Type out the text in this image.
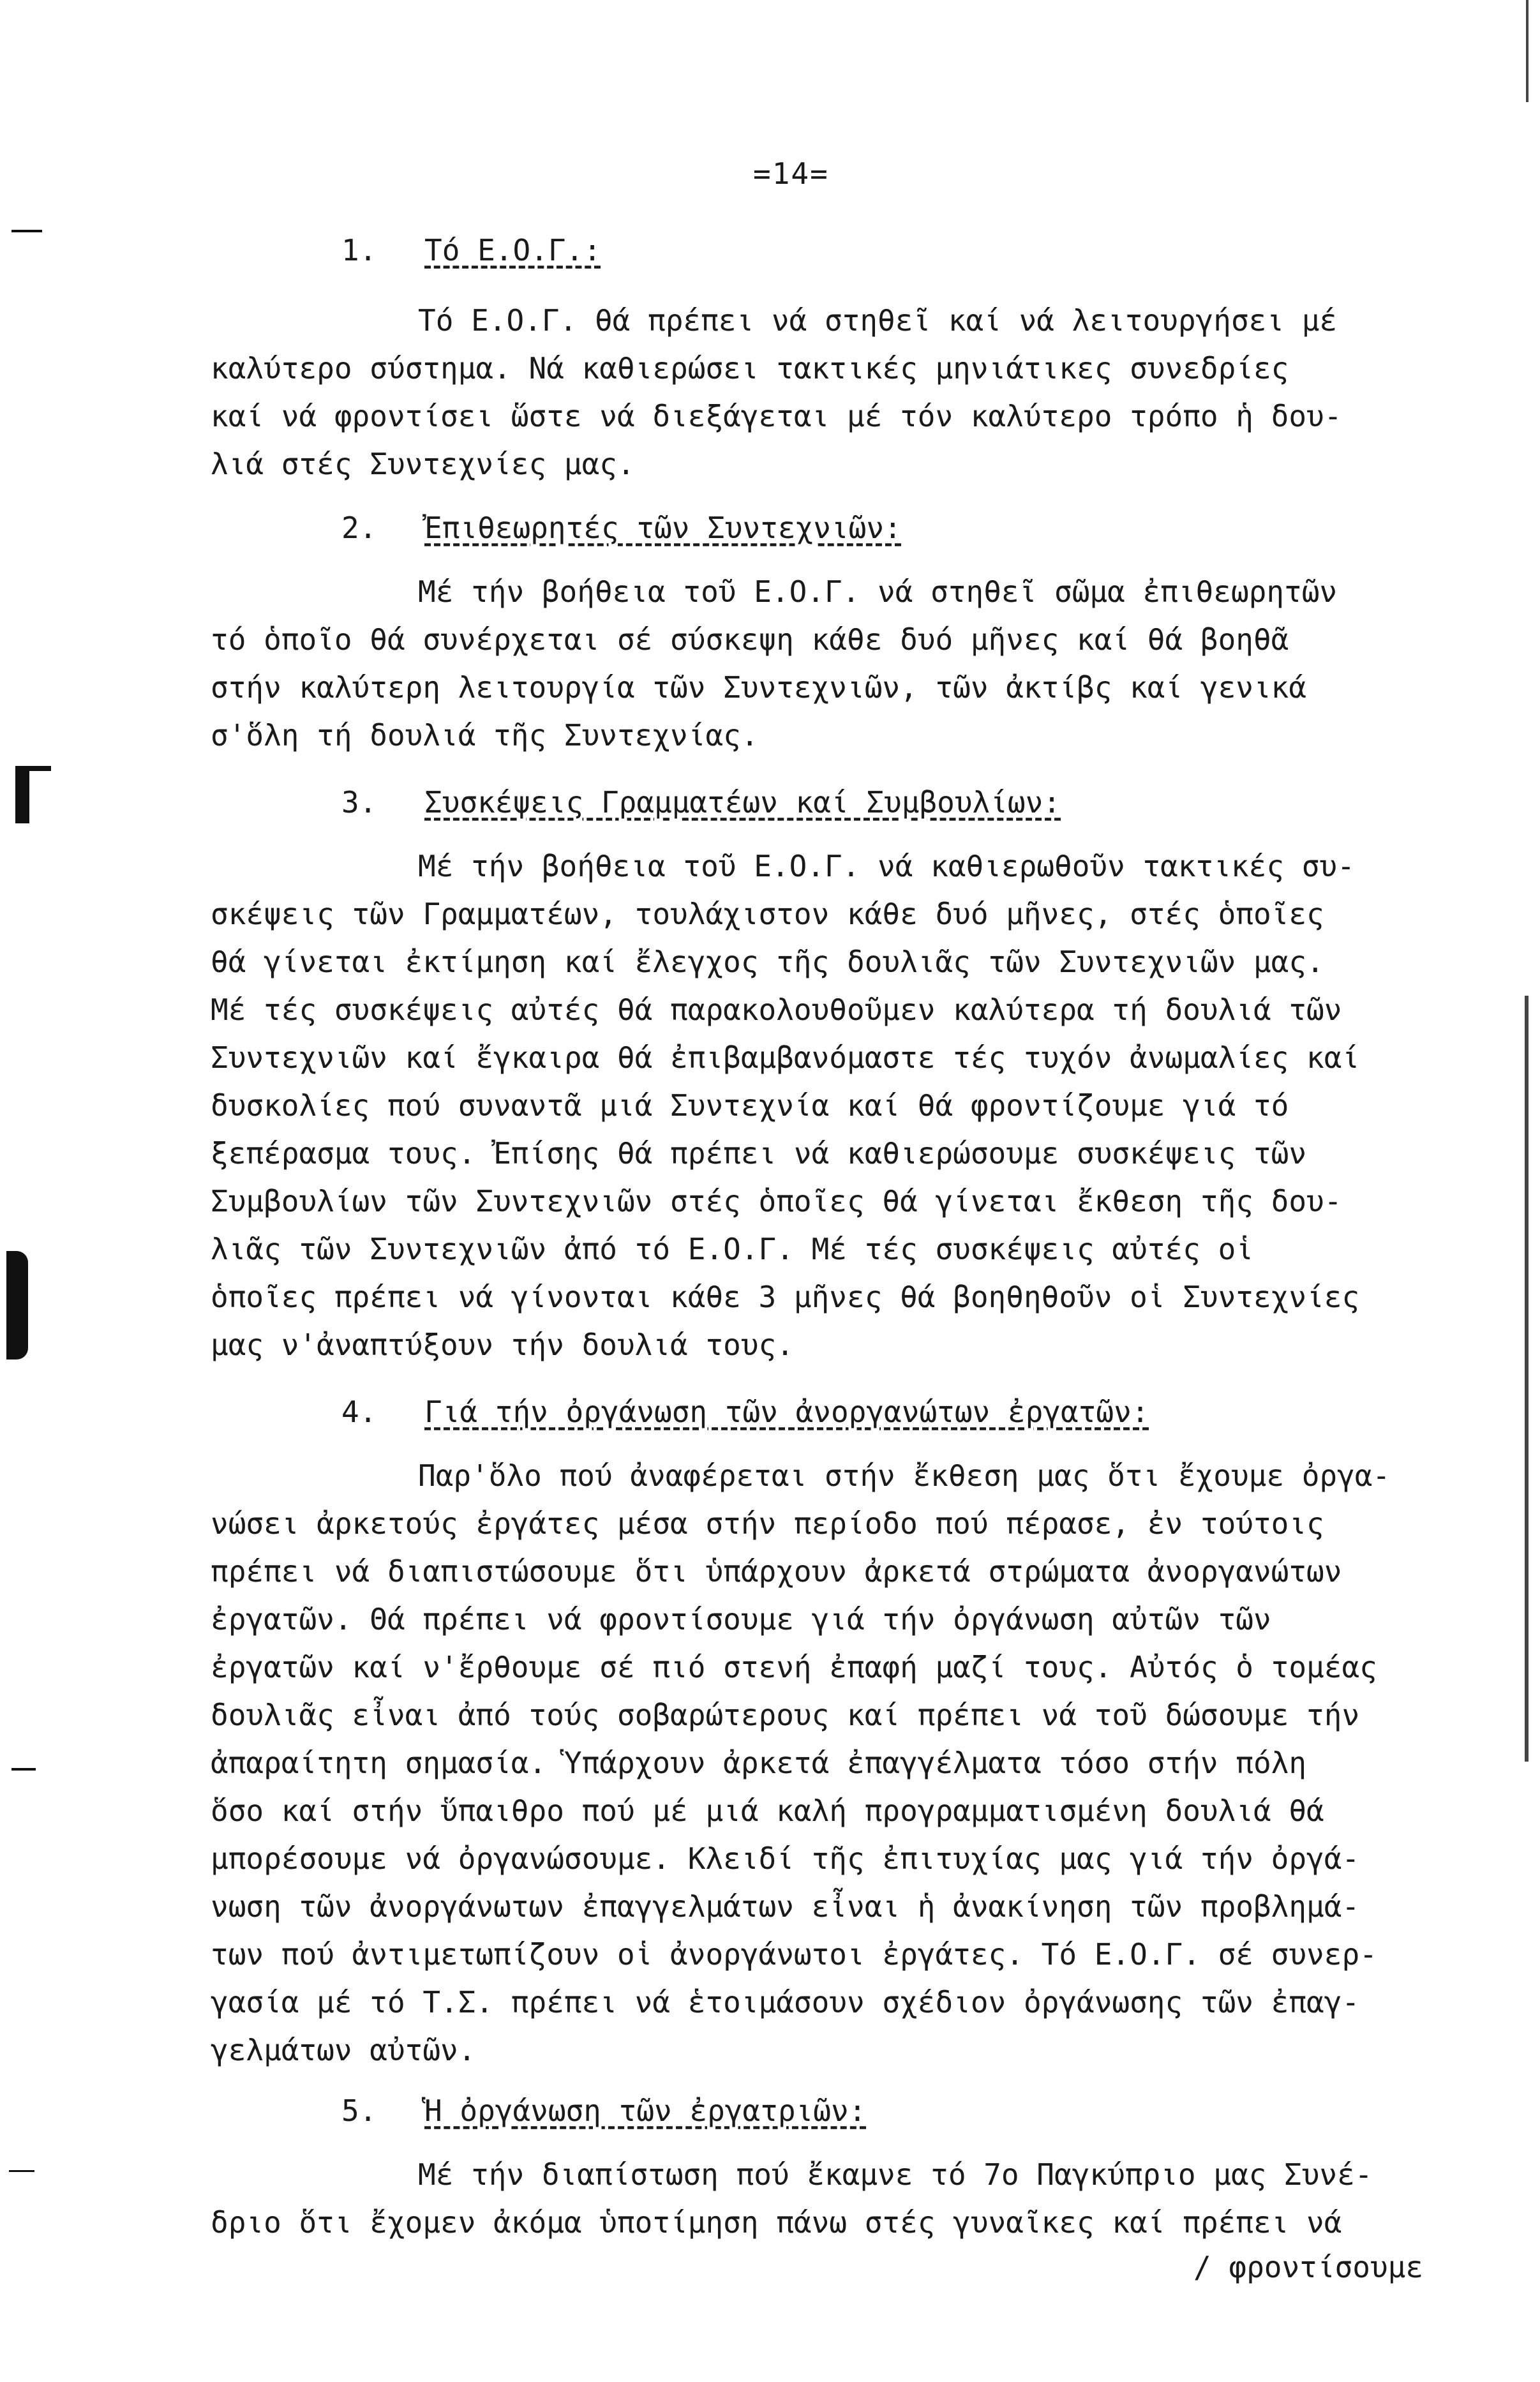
=14=
1. Τό Ε.Ο.Γ.:
Τό Ε.Ο.Γ. θά πρέπει νά στηθεῖ καί νά λειτουργήσει μέ
καλύτερο σύστημα. Νά καθιερώσει τακτικές μηνιάτικες συνεδρίες
καί νά φροντίσει ὥστε νά διεξάγεται μέ τόν καλύτερο τρόπο ἡ δου-
λιά στές Συντεχνίες μας.
2. Ἐπιθεωρητές τῶν Συντεχνιῶν:
Μέ τήν βοήθεια τοῦ Ε.Ο.Γ. νά στηθεῖ σῶμα ἐπιθεωρητῶν
τό ὁποῖο θά συνέρχεται σέ σύσκεψη κάθε δυό μῆνες καί θά βοηθᾶ
στήν καλύτερη λειτουργία τῶν Συντεχνιῶν, τῶν ἀκτίβς καί γενικά
σ'ὅλη τή δουλιά τῆς Συντεχνίας.
3. Συσκέψεις Γραμματέων καί Συμβουλίων:
Μέ τήν βοήθεια τοῦ Ε.Ο.Γ. νά καθιερωθοῦν τακτικές συ-
σκέψεις τῶν Γραμματέων, τουλάχιστον κάθε δυό μῆνες, στές ὁποῖες
θά γίνεται ἐκτίμηση καί ἔλεγχος τῆς δουλιᾶς τῶν Συντεχνιῶν μας.
Μέ τές συσκέψεις αὐτές θά παρακολουθοῦμεν καλύτερα τή δουλιά τῶν
Συντεχνιῶν καί ἔγκαιρα θά ἐπιβαμβανόμαστε τές τυχόν ἀνωμαλίες καί
δυσκολίες πού συναντᾶ μιά Συντεχνία καί θά φροντίζουμε γιά τό
ξεπέρασμα τους. Ἐπίσης θά πρέπει νά καθιερώσουμε συσκέψεις τῶν
Συμβουλίων τῶν Συντεχνιῶν στές ὁποῖες θά γίνεται ἔκθεση τῆς δου-
λιᾶς τῶν Συντεχνιῶν ἀπό τό Ε.Ο.Γ. Μέ τές συσκέψεις αὐτές οἱ
ὁποῖες πρέπει νά γίνονται κάθε 3 μῆνες θά βοηθηθοῦν οἱ Συντεχνίες
μας ν'ἀναπτύξουν τήν δουλιά τους.
4. Γιά τήν ὀργάνωση τῶν ἀνοργανώτων ἐργατῶν:
Παρ'ὅλο πού ἀναφέρεται στήν ἔκθεση μας ὅτι ἔχουμε ὀργα-
νώσει ἀρκετούς ἐργάτες μέσα στήν περίοδο πού πέρασε, ἐν τούτοις
πρέπει νά διαπιστώσουμε ὅτι ὑπάρχουν ἀρκετά στρώματα ἀνοργανώτων
ἐργατῶν. Θά πρέπει νά φροντίσουμε γιά τήν ὀργάνωση αὐτῶν τῶν
ἐργατῶν καί ν'ἔρθουμε σέ πιό στενή ἐπαφή μαζί τους. Αὐτός ὁ τομέας
δουλιᾶς εἶναι ἀπό τούς σοβαρώτερους καί πρέπει νά τοῦ δώσουμε τήν
ἀπαραίτητη σημασία. Ὑπάρχουν ἀρκετά ἐπαγγέλματα τόσο στήν πόλη
ὅσο καί στήν ὕπαιθρο πού μέ μιά καλή προγραμματισμένη δουλιά θά
μπορέσουμε νά ὀργανώσουμε. Κλειδί τῆς ἐπιτυχίας μας γιά τήν ὀργά-
νωση τῶν ἀνοργάνωτων ἐπαγγελμάτων εἶναι ἡ ἀνακίνηση τῶν προβλημά-
των πού ἀντιμετωπίζουν οἱ ἀνοργάνωτοι ἐργάτες. Τό Ε.Ο.Γ. σέ συνερ-
γασία μέ τό Τ.Σ. πρέπει νά ἑτοιμάσουν σχέδιον ὀργάνωσης τῶν ἐπαγ-
γελμάτων αὐτῶν.
5. Ἡ ὀργάνωση τῶν ἐργατριῶν:
Μέ τήν διαπίστωση πού ἔκαμνε τό 7ο Παγκύπριο μας Συνέ-
δριο ὅτι ἔχομεν ἀκόμα ὑποτίμηση πάνω στές γυναῖκες καί πρέπει νά
/ φροντίσουμε
